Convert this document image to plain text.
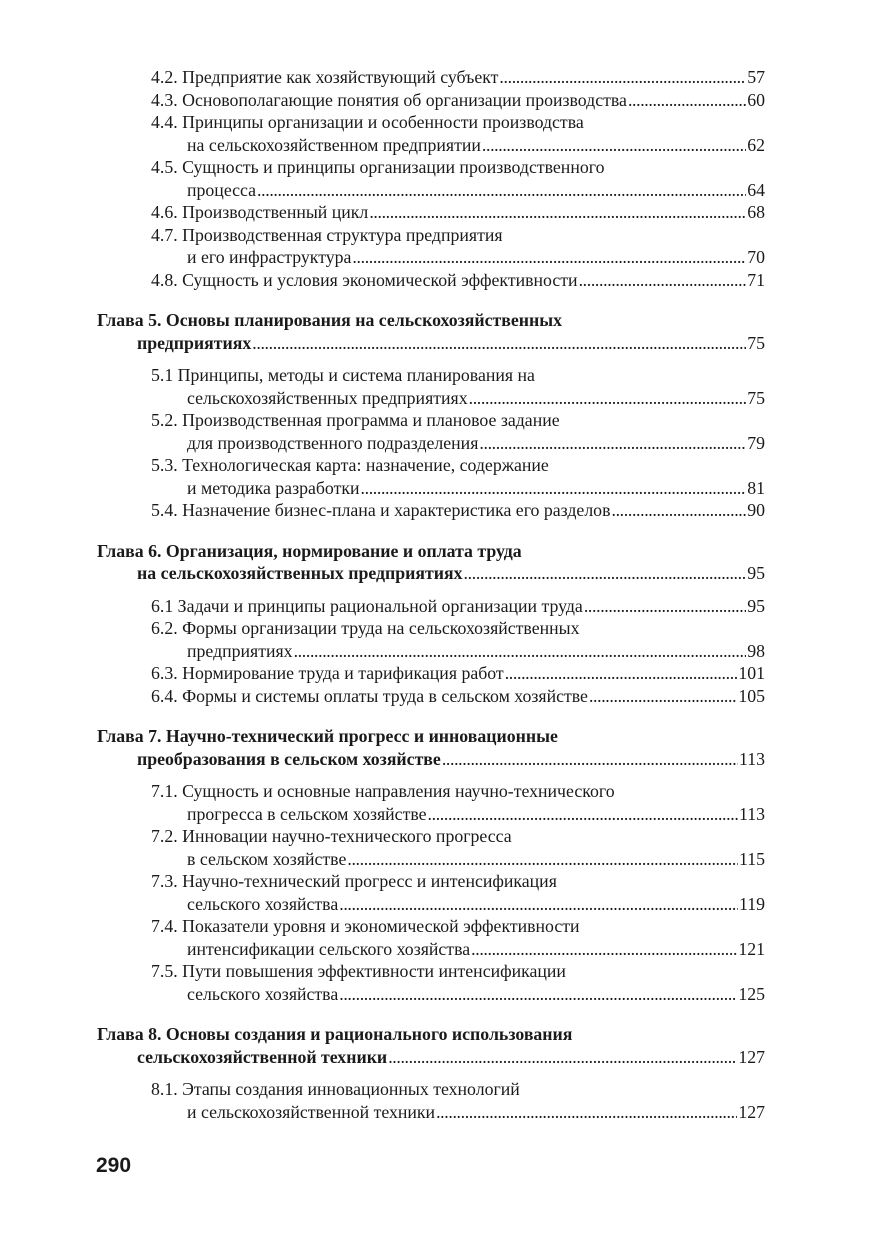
4.2. Предприятие как хозяйствующий субъект . . .	57
4.3. Основополагающие понятия об организации производства . . .	60
4.4. Принципы организации и особенности производства
на сельскохозяйственном предприятии . . .	62
4.5. Сущность и принципы организации производственного
процесса . . .	64
4.6. Производственный цикл . . .	68
4.7. Производственная структура предприятия
и его инфраструктура . . .	70
4.8. Сущность и условия экономической эффективности . . .	71
Глава 5. Основы планирования на сельскохозяйственных
предприятиях . . .	75
5.1 Принципы, методы и система планирования на
сельскохозяйственных предприятиях . . .	75
5.2. Производственная программа и плановое задание
для производственного подразделения . . .	79
5.3. Технологическая карта: назначение, содержание
и методика разработки . . .	81
5.4. Назначение бизнес-плана и характеристика его разделов . . .	90
Глава 6. Организация, нормирование и оплата труда
на сельскохозяйственных предприятиях . . .	95
6.1 Задачи и принципы рациональной организации труда . . .	95
6.2. Формы организации труда на сельскохозяйственных
предприятиях . . .	98
6.3. Нормирование труда и тарификация работ . . .	101
6.4. Формы и системы оплаты труда в сельском хозяйстве . . .	105
Глава 7. Научно-технический прогресс и инновационные
преобразования в сельском хозяйстве . . .	113
7.1. Сущность и основные направления научно-технического
прогресса в сельском хозяйстве . . .	113
7.2. Инновации научно-технического прогресса
в сельском хозяйстве . . .	115
7.3. Научно-технический прогресс и интенсификация
сельского хозяйства . . .	119
7.4. Показатели уровня и экономической эффективности
интенсификации сельского хозяйства . . .	121
7.5. Пути повышения эффективности интенсификации
сельского хозяйства . . .	125
Глава 8. Основы создания и рационального использования
сельскохозяйственной техники . . .	127
8.1. Этапы создания инновационных технологий
и сельскохозяйственной техники . . .	127
290
